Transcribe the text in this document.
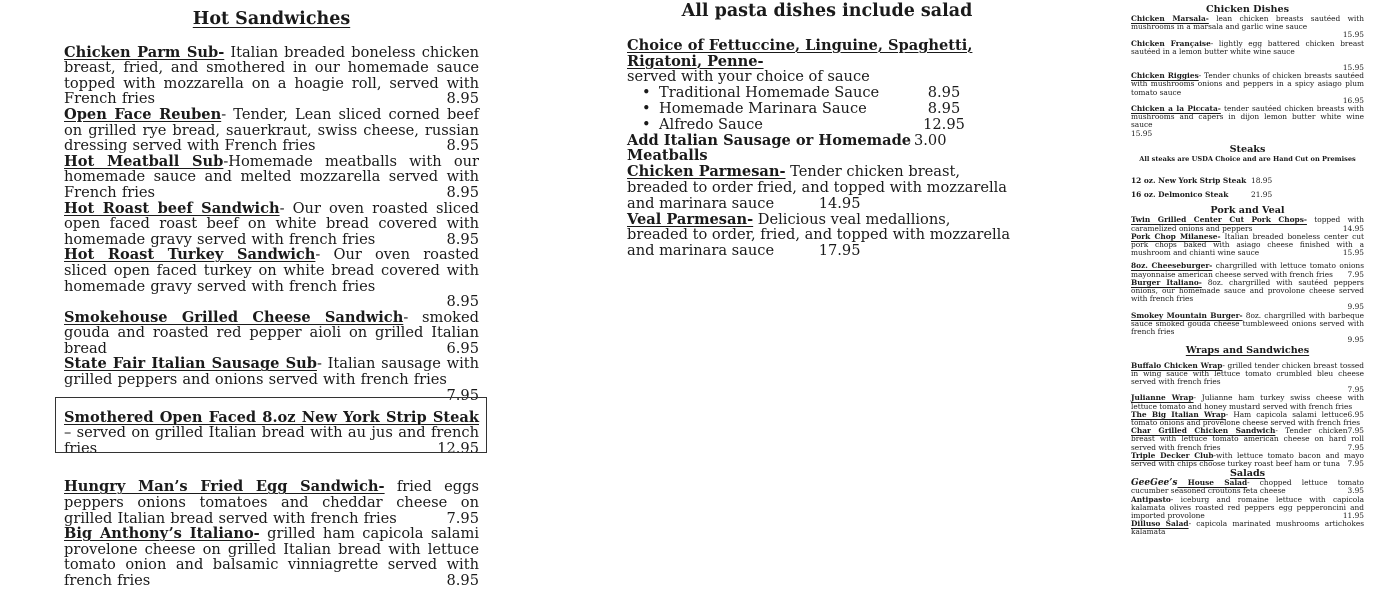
Hot Sandwiches
Chicken Parm Sub- Italian breaded boneless chicken breast, fried, and smothered in our homemade sauce topped with mozzarella on a hoagie roll, served with French fries	8.95
Open Face Reuben- Tender, Lean sliced corned beef on grilled rye bread, sauerkraut, swiss cheese, russian dressing served with French fries	8.95
Hot Meatball Sub-Homemade meatballs with our homemade sauce and melted mozzarella served with French fries	8.95
Hot Roast beef Sandwich- Our oven roasted sliced open faced roast beef on white bread covered with homemade gravy served with french fries	8.95
Hot Roast Turkey Sandwich- Our oven roasted sliced open faced turkey on white bread covered with homemade gravy served with french fries
8.95
Smokehouse Grilled Cheese Sandwich- smoked gouda and roasted red pepper aioli on grilled Italian bread	6.95
State Fair Italian Sausage Sub- Italian sausage with grilled peppers and onions served with french fries
7.95
Smothered Open Faced 8.oz New York Strip Steak – served on grilled Italian bread with au jus and french fries	12.95
Hungry Man’s Fried Egg Sandwich- fried eggs peppers onions tomatoes and cheddar cheese on grilled Italian bread served with french fries	7.95
Big Anthony’s Italiano- grilled ham capicola salami provelone cheese on grilled Italian bread with lettuce tomato onion and balsamic vinniagrette served with french fries	8.95
All pasta dishes include salad
Choice of Fettuccine, Linguine, Spaghetti, Rigatoni, Penne-
served with your choice of sauce
• Traditional Homemade Sauce	8.95
• Homemade Marinara Sauce	8.95
• Alfredo Sauce	12.95
Add Italian Sausage or Homemade Meatballs
3.00
Chicken Parmesan- Tender chicken breast, breaded to order fried, and topped with mozzarella and marinara sauce	14.95
Veal Parmesan- Delicious veal medallions, breaded to order, fried, and topped with mozzarella and marinara sauce	17.95
Chicken Dishes
Chicken Marsala- lean chicken breasts sautéed with mushrooms in a marsala and garlic wine sauce
15.95
Chicken Française- lightly egg battered chicken breast sautéed in a lemon butter white wine sauce
15.95
Chicken Riggies- Tender chunks of chicken breasts sautéed with mushrooms onions and peppers in a spicy asiago plum tomato sauce
16.95
Chicken a la Piccata- tender sautéed chicken breasts with mushrooms and capers in dijon lemon butter white wine sauce
15.95
Steaks
All steaks are USDA Choice and are Hand Cut on Premises
12 oz. New York Strip Steak 18.95
16 oz. Delmonico Steak	21.95
Pork and Veal
Twin Grilled Center Cut Pork Chops- topped with caramelized onions and peppers	14.95
Pork Chop Milanese- Italian breaded boneless center cut pork chops baked with asiago cheese finished with a mushroom and chianti wine sauce	15.95
8oz. Cheeseburger- chargrilled with lettuce tomato onions mayonnaise american cheese served with french fries 7.95
Burger Italiano- 8oz. chargrilled with sautéed peppers onions, our homemade sauce and provolone cheese served with french fries
9.95
Smokey Mountain Burger- 8oz. chargrilled with barbeque sauce smoked gouda cheese tumbleweed onions served with french fries
9.95
Wraps and Sandwiches
Buffalo Chicken Wrap- grilled tender chicken breast tossed in wing sauce with lettuce tomato crumbled bleu cheese served with french fries
7.95
Julianne Wrap- Julianne ham turkey swiss cheese with lettuce tomato and honey mustard served with french fries
6.95
The Big Italian Wrap- Ham capicola salami lettuce tomato onions and provelone cheese served with french fries
7.95
Char Grilled Chicken Sandwich- Tender chicken breast with lettuce tomato american cheese on hard roll served with french fries	7.95
Triple Decker Club-with lettuce tomato bacon and mayo served with chips choose turkey roast beef ham or tuna 7.95
Salads
GeeGee’s House Salad- chopped lettuce tomato cucumber seasoned croutons feta cheese	3.95
Antipasto- iceburg and romaine lettuce with capicola kalamata olives roasted red peppers egg pepperoncini and imported provolone	11.95
Dilluso Salad- capicola marinated mushrooms artichokes kalamata
